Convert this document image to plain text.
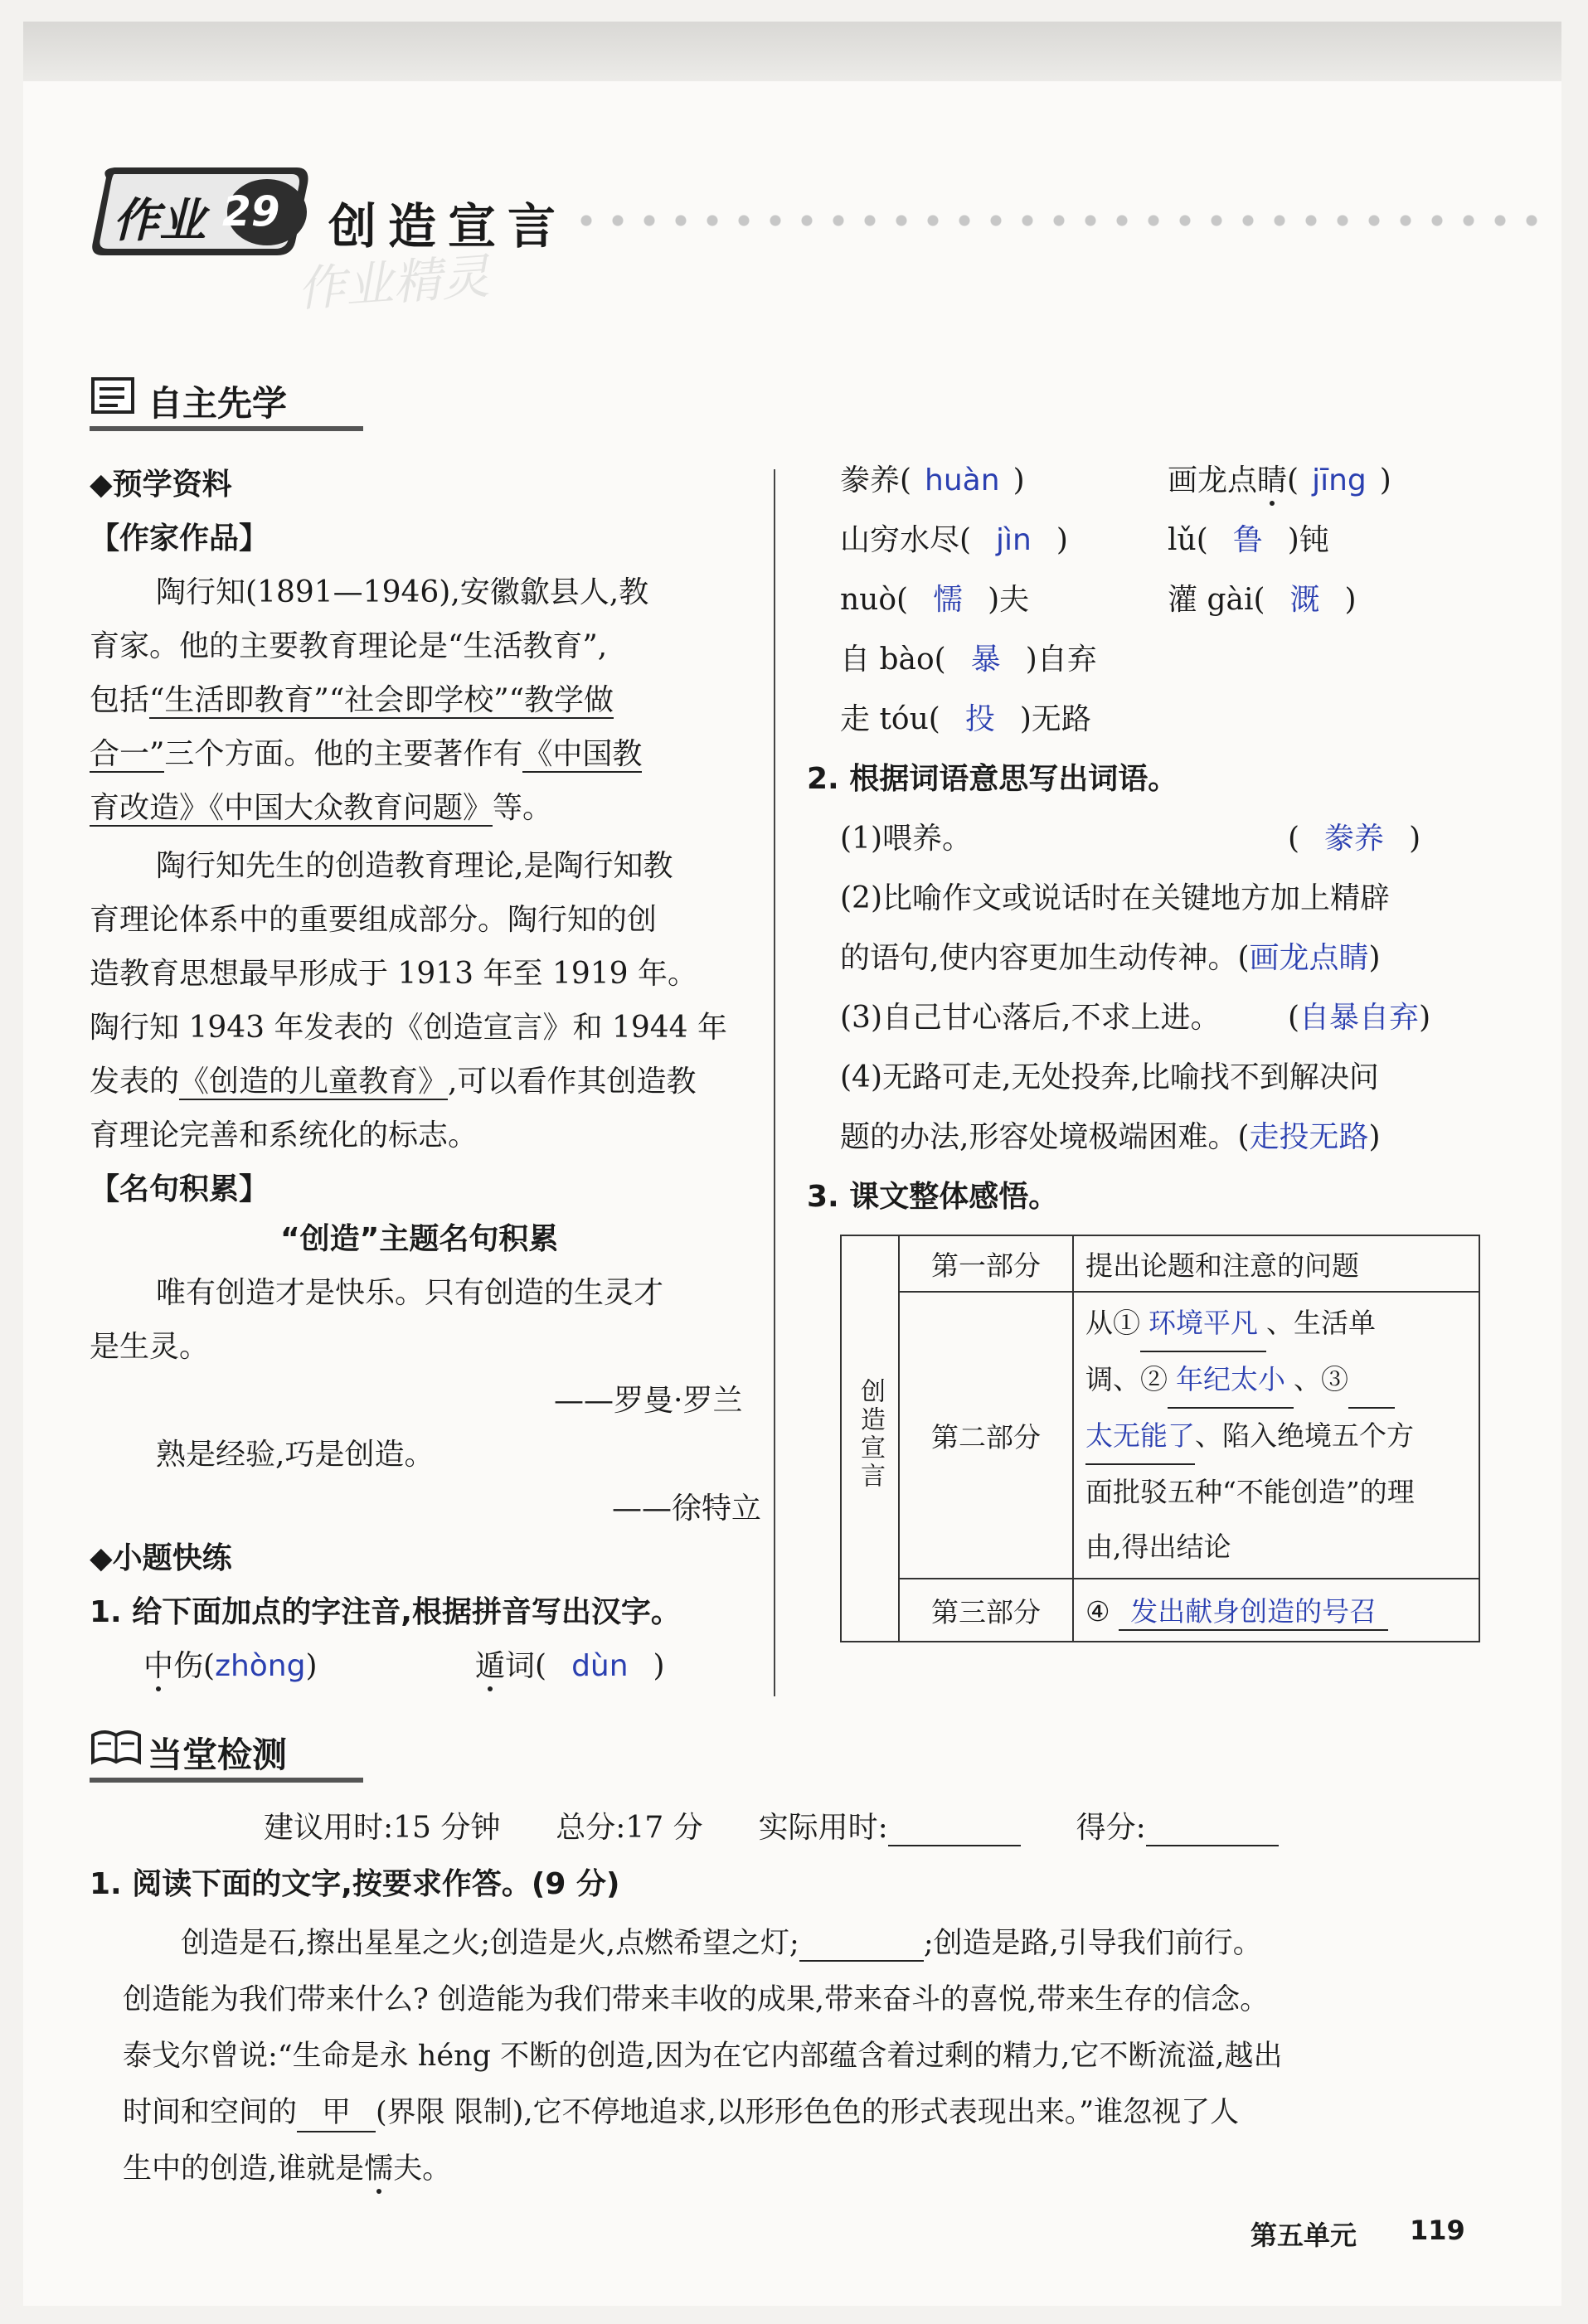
作业 29 创造宣言
作业精灵
自主先学
◆预学资料
【作家作品】
陶行知(1891—1946),安徽歙县人,教
育家。他的主要教育理论是“生活教育”,
包括“生活即教育”“社会即学校”“教学做
合一”三个方面。他的主要著作有《中国教
育改造》《中国大众教育问题》等。
陶行知先生的创造教育理论,是陶行知教
育理论体系中的重要组成部分。陶行知的创
造教育思想最早形成于 1913 年至 1919 年。
陶行知 1943 年发表的《创造宣言》和 1944 年
发表的《创造的儿童教育》,可以看作其创造教
育理论完善和系统化的标志。
【名句积累】
“创造”主题名句积累
唯有创造才是快乐。只有创造的生灵才
是生灵。
——罗曼·罗兰
熟是经验,巧是创造。
——徐特立
◆小题快练
1. 给下面加点的字注音,根据拼音写出汉字。
中伤(zhòng)	遁词( dùn )
豢养( huàn )	画龙点睛( jīng )
山穷水尽( jìn )	lǔ( 鲁 )钝
nuò( 懦 )夫	灌 gài( 溉 )
自 bào( 暴 )自弃
走 tóu( 投 )无路
2. 根据词语意思写出词语。
(1)喂养。	( 豢养 )
(2)比喻作文或说话时在关键地方加上精辟
的语句,使内容更加生动传神。(画龙点睛)
(3)自己甘心落后,不求上进。 (自暴自弃)
(4)无路可走,无处投奔,比喻找不到解决问
题的办法,形容处境极端困难。(走投无路)
3. 课文整体感悟。
创造宣言	第一部分	提出论题和注意的问题
	第二部分	从① 环境平凡 、生活单
调、② 年纪太小 、③
太无能了、陷入绝境五个方
面批驳五种“不能创造”的理
由,得出结论

	第三部分	④ 发出献身创造的号召
当堂检测
建议用时:15 分钟 总分:17 分 实际用时:	得分:
1. 阅读下面的文字,按要求作答。(9 分)
创造是石,擦出星星之火;创造是火,点燃希望之灯;	;创造是路,引导我们前行。
创造能为我们带来什么? 创造能为我们带来丰收的成果,带来奋斗的喜悦,带来生存的信念。
泰戈尔曾说:“生命是永 héng 不断的创造,因为在它内部蕴含着过剩的精力,它不断流溢,越出
时间和空间的 甲 (界限 限制),它不停地追求,以形形色色的形式表现出来。”谁忽视了人
生中的创造,谁就是懦夫。
第五单元 119
